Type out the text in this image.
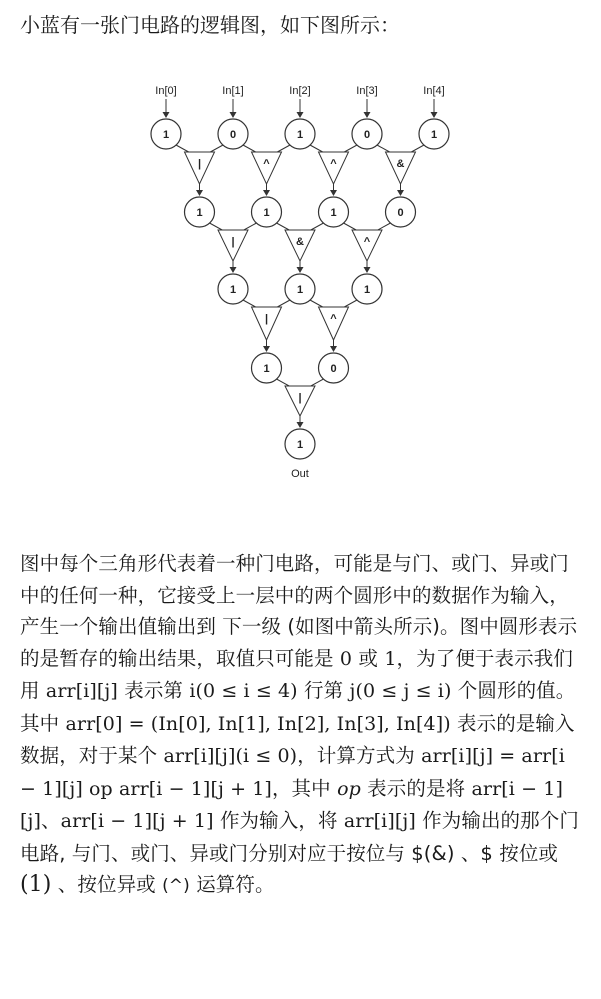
小蓝有一张门电路的逻辑图，如下图所示：

In[0]	In[1]	In[2]	In[3]	In[4]
|	^	^	&
|	&	^
|	^
|
1	0	1	0	1
1	1	1	0
1	1	1
1	0
1
Out

图中每个三角形代表着一种门电路，可能是与门、或门、异或门中的任何一种，它接受上一层中的两个圆形中的数据作为输入，产生一个输出值输出到 下一级 (如图中箭头所示)。图中圆形表示的是暂存的输出结果，取值只可能是 0 或 1，为了便于表示我们用 arr[i][j] 表示第 i(0 ≤ i ≤ 4) 行第 j(0 ≤ j ≤ i) 个圆形的值。其中 arr[0] = (In[0], In[1], In[2], In[3], In[4]) 表示的是输入数据，对于某个 arr[i][j](i ≤ 0)，计算方式为 arr[i][j] = arr[i − 1][j] op arr[i − 1][j + 1]，其中 op 表示的是将 arr[i − 1][j]、arr[i − 1][j + 1] 作为输入，将 arr[i][j] 作为输出的那个门电路, 与门、或门、异或门分别对应于按位与 $(&) 、$ 按位或 (1) 、按位异或 (^) 运算符。
